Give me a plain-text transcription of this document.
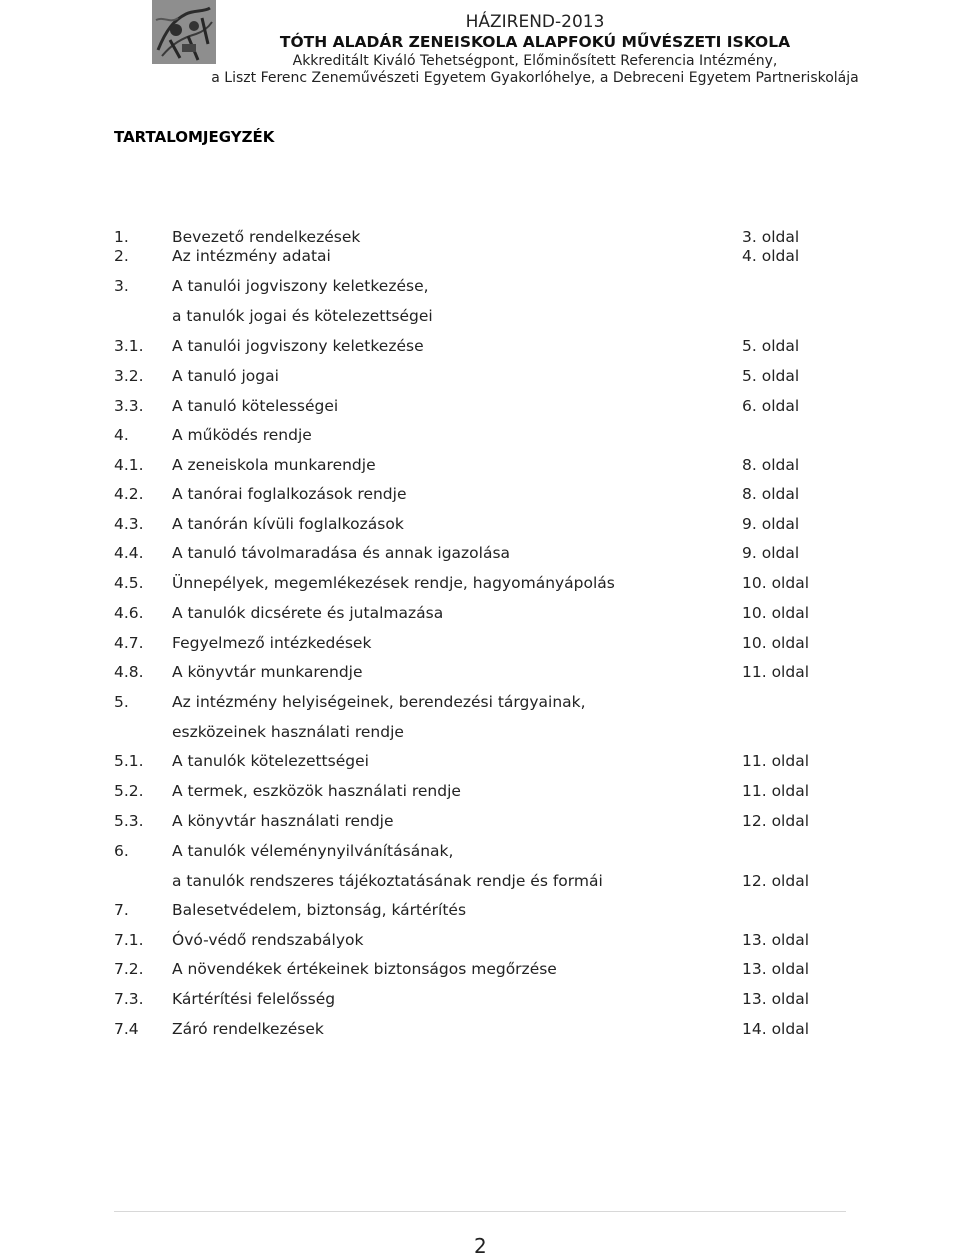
HÁZIREND-2013
TÓTH ALADÁR ZENEISKOLA ALAPFOKÚ MŰVÉSZETI ISKOLA
Akkreditált Kiváló Tehetségpont, Előminősített Referencia Intézmény,
a Liszt Ferenc Zeneművészeti Egyetem Gyakorlóhelye, a Debreceni Egyetem Partneriskolája
TARTALOMJEGYZÉK
1.	Bevezető rendelkezések	3. oldal
2.	Az intézmény adatai	4. oldal
3.	A tanulói jogviszony keletkezése,
a tanulók jogai és kötelezettségei
3.1. A tanulói jogviszony keletkezése	5. oldal
3.2. A tanuló jogai	5. oldal
3.3. A tanuló kötelességei	6. oldal
4.	A működés rendje
4.1. A zeneiskola munkarendje	8. oldal
4.2. A tanórai foglalkozások rendje	8. oldal
4.3. A tanórán kívüli foglalkozások	9. oldal
4.4. A tanuló távolmaradása és annak igazolása	9. oldal
4.5. Ünnepélyek, megemlékezések rendje, hagyományápolás	10. oldal
4.6. A tanulók dicsérete és jutalmazása	10. oldal
4.7. Fegyelmező intézkedések	10. oldal
4.8. A könyvtár munkarendje	11. oldal
5.	Az intézmény helyiségeinek, berendezési tárgyainak,
eszközeinek használati rendje
5.1. A tanulók kötelezettségei	11. oldal
5.2. A termek, eszközök használati rendje	11. oldal
5.3. A könyvtár használati rendje	12. oldal
6.	A tanulók véleménynyilvánításának,
a tanulók rendszeres tájékoztatásának rendje és formái	12. oldal
7.	Balesetvédelem, biztonság, kártérítés
7.1. Óvó-védő rendszabályok	13. oldal
7.2. A növendékek értékeinek biztonságos megőrzése	13. oldal
7.3. Kártérítési felelősség	13. oldal
7.4 Záró rendelkezések	14. oldal
2
